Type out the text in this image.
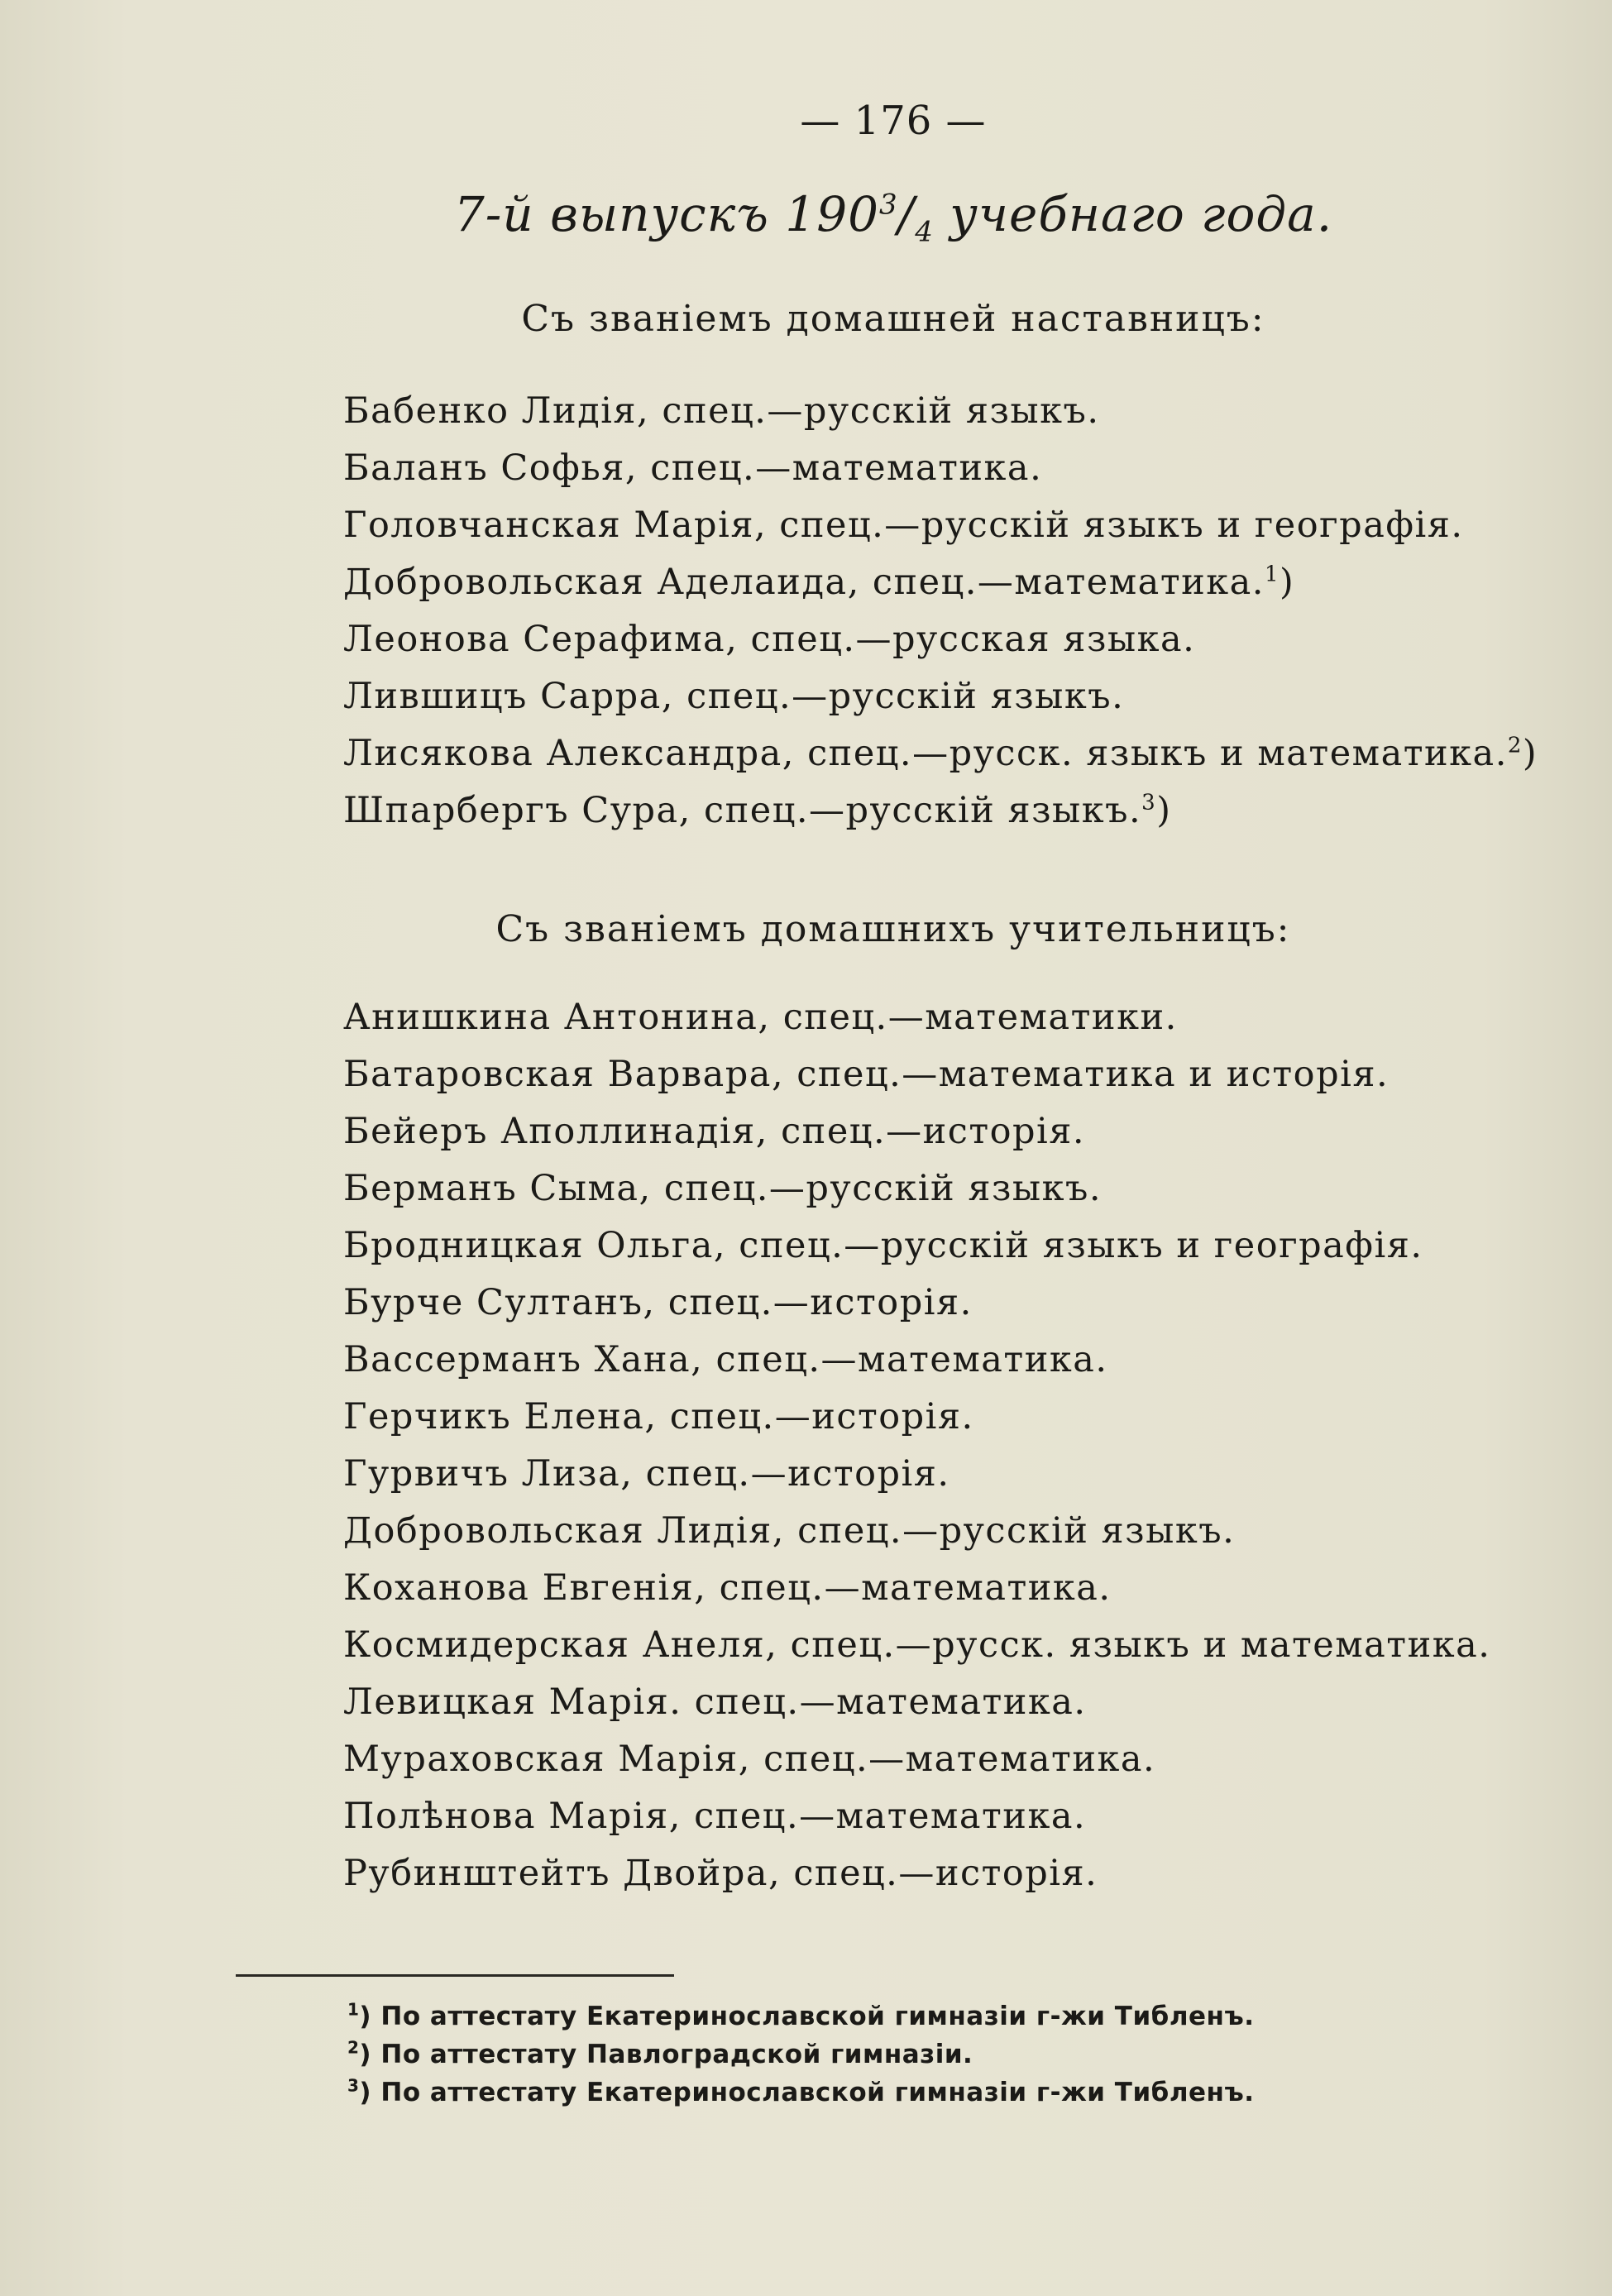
— 176 —
7-й выпускъ $190^3/_4$ учебнаго года.
Съ званіемъ домашней наставницъ:
Бабенко Лидія, спец.—русскій языкъ.
Баланъ Софья, спец.—математика.
Головчанская Марія, спец.—русскій языкъ и географія.
Добровольская Аделаида, спец.—математика.$^1$)
Леонова Серафима, спец.—русская языка.
Лившицъ Сарра, спец.—русскій языкъ.
Лисякова Александра, спец.—русск. языкъ и математика.$^2$)
Шпарбергъ Сура, спец.—русскій языкъ.$^3$)
Съ званіемъ домашнихъ учительницъ:
Анишкина Антонина, спец.—математики.
Батаровская Варвара, спец.—математика и исторія.
Бейеръ Аполлинадія, спец.—исторія.
Берманъ Сыма, спец.—русскій языкъ.
Бродницкая Ольга, спец.—русскій языкъ и географія.
Бурче Султанъ, спец.—исторія.
Вассерманъ Хана, спец.—математика.
Герчикъ Елена, спец.—исторія.
Гурвичъ Лиза, спец.—исторія.
Добровольская Лидія, спец.—русскій языкъ.
Коханова Евгенія, спец.—математика.
Космидерская Анеля, спец.—русск. языкъ и математика.
Левицкая Марія. спец.—математика.
Мураховская Марія, спец.—математика.
Полѣнова Марія, спец.—математика.
Рубинштейтъ Двойра, спец.—исторія.
$^1$) По аттестату Екатеринославской гимназіи г-жи Тибленъ.
$^2$) По аттестату Павлоградской гимназіи.
$^3$) По аттестату Екатеринославской гимназіи г-жи Тибленъ.
